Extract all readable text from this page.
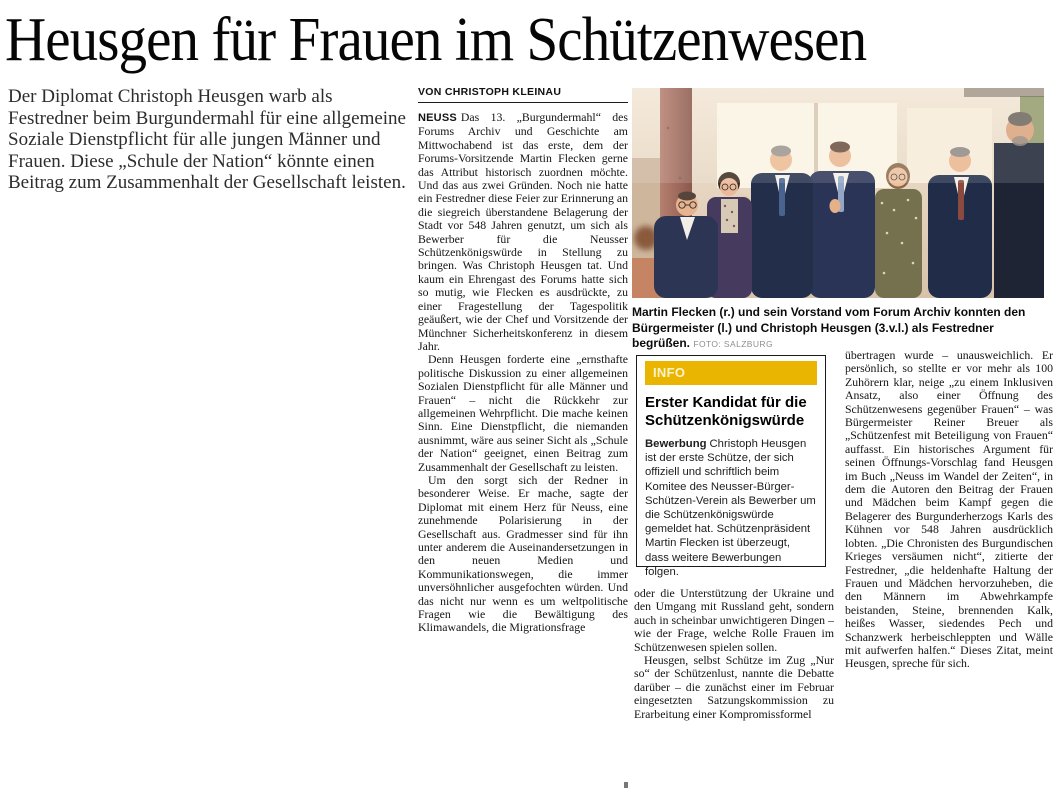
Heusgen für Frauen im Schützenwesen

Der Diplomat Christoph Heusgen warb als Festredner beim Burgundermahl für eine allgemeine Soziale Dienstpflicht für alle jungen Männer und Frauen. Diese „Schule der Nation“ könnte einen Beitrag zum Zusammenhalt der Gesellschaft leisten.

VON CHRISTOPH KLEINAU

NEUSS Das 13. „Burgundermahl“ des Forums Archiv und Geschichte am Mittwochabend ist das erste, dem der Forums-Vorsitzende Martin Flecken gerne das Attribut historisch zuordnen möchte. Und das aus zwei Gründen. Noch nie hatte ein Festredner diese Feier zur Erinnerung an die siegreich überstandene Belagerung der Stadt vor 548 Jahren genutzt, um sich als Bewerber für die Neusser Schützenkönigswürde in Stellung zu bringen. Was Christoph Heusgen tat. Und kaum ein Ehrengast des Forums hatte sich so mutig, wie Flecken es ausdrückte, zu einer Fragestellung der Tagespolitik geäußert, wie der Chef und Vorsitzende der Münchner Sicherheitskonferenz in diesem Jahr.

Denn Heusgen forderte eine „ernsthafte politische Diskussion zu einer allgemeinen Sozialen Dienstpflicht für alle Männer und Frauen“ – nicht die Rückkehr zur allgemeinen Wehrpflicht. Die mache keinen Sinn. Eine Dienstpflicht, die niemanden ausnimmt, wäre aus seiner Sicht als „Schule der Nation“ geeignet, einen Beitrag zum Zusammenhalt der Gesellschaft zu leisten.

Um den sorgt sich der Redner in besonderer Weise. Er mache, sagte der Diplomat mit einem Herz für Neuss, eine zunehmende Polarisierung in der Gesellschaft aus. Gradmesser sind für ihn unter anderem die Auseinandersetzungen in den neuen Medien und Kommunikationswegen, die immer unversöhnlicher ausgefochten würden. Und das nicht nur wenn es um weltpolitische Fragen wie die Bewältigung des Klimawandels, die Migrationsfrage

Martin Flecken (r.) und sein Vorstand vom Forum Archiv konnten den Bürgermeister (l.) und Christoph Heusgen (3.v.l.) als Festredner begrüßen. FOTO: SALZBURG
INFO
Erster Kandidat für die Schützenkönigswürde
Bewerbung Christoph Heusgen ist der erste Schütze, der sich offiziell und schriftlich beim Komitee des Neusser-Bürger-Schützen-Verein als Bewerber um die Schützenkönigswürde gemeldet hat. Schützenpräsident Martin Flecken ist überzeugt, dass weitere Bewerbungen folgen.

oder die Unterstützung der Ukraine und den Umgang mit Russland geht, sondern auch in scheinbar unwichtigeren Dingen – wie der Frage, welche Rolle Frauen im Schützenwesen spielen sollen.

Heusgen, selbst Schütze im Zug „Nur so“ der Schützenlust, nannte die Debatte darüber – die zunächst einer im Februar eingesetzten Satzungskommission zu Erarbeitung einer Kompromissformel

übertragen wurde – unausweichlich. Er persönlich, so stellte er vor mehr als 100 Zuhörern klar, neige „zu einem Inklusiven Ansatz, also einer Öffnung des Schützenwesens gegenüber Frauen“ – was Bürgermeister Reiner Breuer als „Schützenfest mit Beteiligung von Frauen“ auffasst. Ein historisches Argument für seinen Öffnungs-Vorschlag fand Heusgen im Buch „Neuss im Wandel der Zeiten“, in dem die Autoren den Beitrag der Frauen und Mädchen beim Kampf gegen die Belagerer des Burgunderherzogs Karls des Kühnen vor 548 Jahren ausdrücklich lobten. „Die Chronisten des Burgundischen Krieges versäumen nicht“, zitierte der Festredner, „die heldenhafte Haltung der Frauen und Mädchen hervorzuheben, die den Männern im Abwehrkampfe beistanden, Steine, brennenden Kalk, heißes Wasser, siedendes Pech und Schanzwerk herbeischleppten und Wälle mit aufwerfen halfen.“ Dieses Zitat, meint Heusgen, spreche für sich.
